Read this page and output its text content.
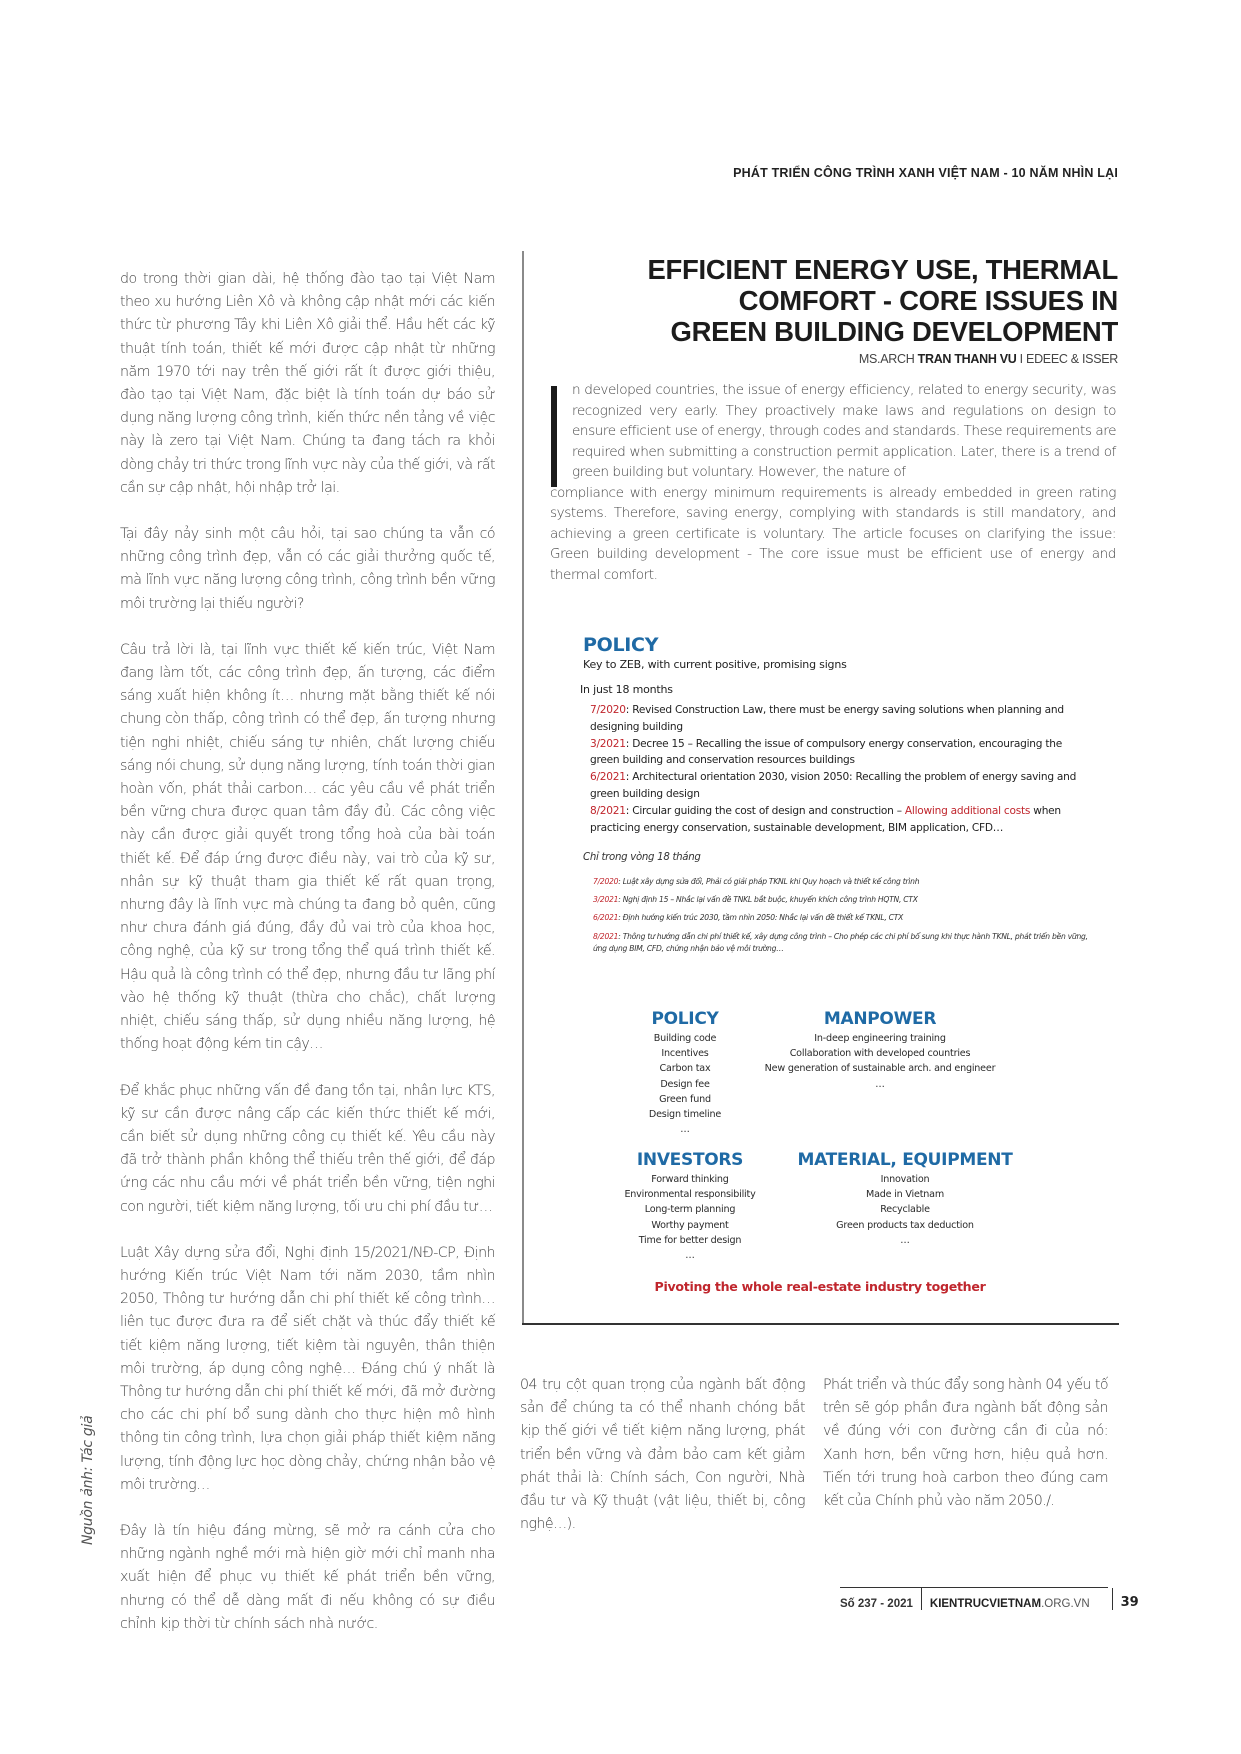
PHÁT TRIỂN CÔNG TRÌNH XANH VIỆT NAM - 10 NĂM NHÌN LẠI

do trong thời gian dài, hệ thống đào tạo tại Việt Nam theo xu hướng Liên Xô và không cập nhật mới các kiến thức từ phương Tây khi Liên Xô giải thể. Hầu hết các kỹ thuật tính toán, thiết kế mới được cập nhật từ những năm 1970 tới nay trên thế giới rất ít được giới thiệu, đào tạo tại Việt Nam, đặc biệt là tính toán dự báo sử dụng năng lượng công trình, kiến thức nền tảng về việc này là zero tại Việt Nam. Chúng ta đang tách ra khỏi dòng chảy tri thức trong lĩnh vực này của thế giới, và rất cần sự cập nhật, hội nhập trở lại.

Tại đây nảy sinh một câu hỏi, tại sao chúng ta vẫn có những công trình đẹp, vẫn có các giải thưởng quốc tế, mà lĩnh vực năng lượng công trình, công trình bền vững môi trường lại thiếu người?

Câu trả lời là, tại lĩnh vực thiết kế kiến trúc, Việt Nam đang làm tốt, các công trình đẹp, ấn tượng, các điểm sáng xuất hiện không ít… nhưng mặt bằng thiết kế nói chung còn thấp, công trình có thể đẹp, ấn tượng nhưng tiện nghi nhiệt, chiếu sáng tự nhiên, chất lượng chiếu sáng nói chung, sử dụng năng lượng, tính toán thời gian hoàn vốn, phát thải carbon… các yêu cầu về phát triển bền vững chưa được quan tâm đầy đủ. Các công việc này cần được giải quyết trong tổng hoà của bài toán thiết kế. Để đáp ứng được điều này, vai trò của kỹ sư, nhân sự kỹ thuật tham gia thiết kế rất quan trọng, nhưng đây là lĩnh vực mà chúng ta đang bỏ quên, cũng như chưa đánh giá đúng, đầy đủ vai trò của khoa học, công nghệ, của kỹ sư trong tổng thể quá trình thiết kế. Hậu quả là công trình có thể đẹp, nhưng đầu tư lãng phí vào hệ thống kỹ thuật (thừa cho chắc), chất lượng nhiệt, chiếu sáng thấp, sử dụng nhiều năng lượng, hệ thống hoạt động kém tin cậy…

Để khắc phục những vấn đề đang tồn tại, nhân lực KTS, kỹ sư cần được nâng cấp các kiến thức thiết kế mới, cần biết sử dụng những công cụ thiết kế. Yêu cầu này đã trở thành phần không thể thiếu trên thế giới, để đáp ứng các nhu cầu mới về phát triển bền vững, tiện nghi con người, tiết kiệm năng lượng, tối ưu chi phí đầu tư…

Luật Xây dựng sửa đổi, Nghị định 15/2021/NĐ-CP, Định hướng Kiến trúc Việt Nam tới năm 2030, tầm nhìn 2050, Thông tư hướng dẫn chi phí thiết kế công trình… liên tục được đưa ra để siết chặt và thúc đẩy thiết kế tiết kiệm năng lượng, tiết kiệm tài nguyên, thân thiện môi trường, áp dụng công nghệ… Đáng chú ý nhất là Thông tư hướng dẫn chi phí thiết kế mới, đã mở đường cho các chi phí bổ sung dành cho thực hiện mô hình thông tin công trình, lựa chọn giải pháp thiết kiệm năng lượng, tính động lực học dòng chảy, chứng nhận bảo vệ môi trường…

Đây là tín hiệu đáng mừng, sẽ mở ra cánh cửa cho những ngành nghề mới mà hiện giờ mới chỉ manh nha xuất hiện để phục vụ thiết kế phát triển bền vững, nhưng có thể dễ dàng mất đi nếu không có sự điều chỉnh kịp thời từ chính sách nhà nước.

Nguồn ảnh: Tác giả
EFFICIENT ENERGY USE, THERMAL
COMFORT - CORE ISSUES IN
GREEN BUILDING DEVELOPMENT
MS.ARCH TRAN THANH VU I EDEEC & ISSER
n developed countries, the issue of energy efficiency, related to energy security, was recognized very early. They proactively make laws and regulations on design to ensure efficient use of energy, through codes and standards. These requirements are required when submitting a construction permit application. Later, there is a trend of green building but voluntary. However, the nature of
compliance with energy minimum requirements is already embedded in green rating systems. Therefore, saving energy, complying with standards is still mandatory, and achieving a green certificate is voluntary. The article focuses on clarifying the issue: Green building development - The core issue must be efficient use of energy and thermal comfort.
POLICY
Key to ZEB, with current positive, promising signs
In just 18 months
7/2020: Revised Construction Law, there must be energy saving solutions when planning and designing building
3/2021: Decree 15 – Recalling the issue of compulsory energy conservation, encouraging the green building and conservation resources buildings
6/2021: Architectural orientation 2030, vision 2050: Recalling the problem of energy saving and green building design
8/2021: Circular guiding the cost of design and construction – Allowing additional costs when practicing energy conservation, sustainable development, BIM application, CFD…
Chỉ trong vòng 18 tháng
7/2020: Luật xây dựng sửa đổi, Phải có giải pháp TKNL khi Quy hoạch và thiết kế công trình
3/2021: Nghị định 15 – Nhắc lại vấn đề TNKL bắt buộc, khuyến khích công trình HQTN, CTX
6/2021: Định hướng kiến trúc 2030, tầm nhìn 2050: Nhắc lại vấn đề thiết kế TKNL, CTX
8/2021: Thông tư hướng dẫn chi phí thiết kế, xây dựng công trình – Cho phép các chi phí bổ sung khi thực hành TKNL, phát triển bền vững, ứng dụng BIM, CFD, chứng nhận bảo vệ môi trường…
POLICY
Building code
Incentives
Carbon tax
Design fee
Green fund
Design timeline
…
MANPOWER
In-deep engineering training
Collaboration with developed countries
New generation of sustainable arch. and engineer
…
INVESTORS
Forward thinking
Environmental responsibility
Long-term planning
Worthy payment
Time for better design
…
MATERIAL, EQUIPMENT
Innovation
Made in Vietnam
Recyclable
Green products tax deduction
…
Pivoting the whole real-estate industry together
04 trụ cột quan trọng của ngành bất động sản để chúng ta có thể nhanh chóng bắt kịp thế giới về tiết kiệm năng lượng, phát triển bền vững và đảm bảo cam kết giảm phát thải là: Chính sách, Con người, Nhà đầu tư và Kỹ thuật (vật liệu, thiết bị, công nghệ…).
Phát triển và thúc đẩy song hành 04 yếu tố trên sẽ góp phần đưa ngành bất động sản về đúng với con đường cần đi của nó: Xanh hơn, bền vững hơn, hiệu quả hơn. Tiến tới trung hoà carbon theo đúng cam kết của Chính phủ vào năm 2050./.
Số 237 - 2021	KIENTRUCVIETNAM .ORG.VN	39
